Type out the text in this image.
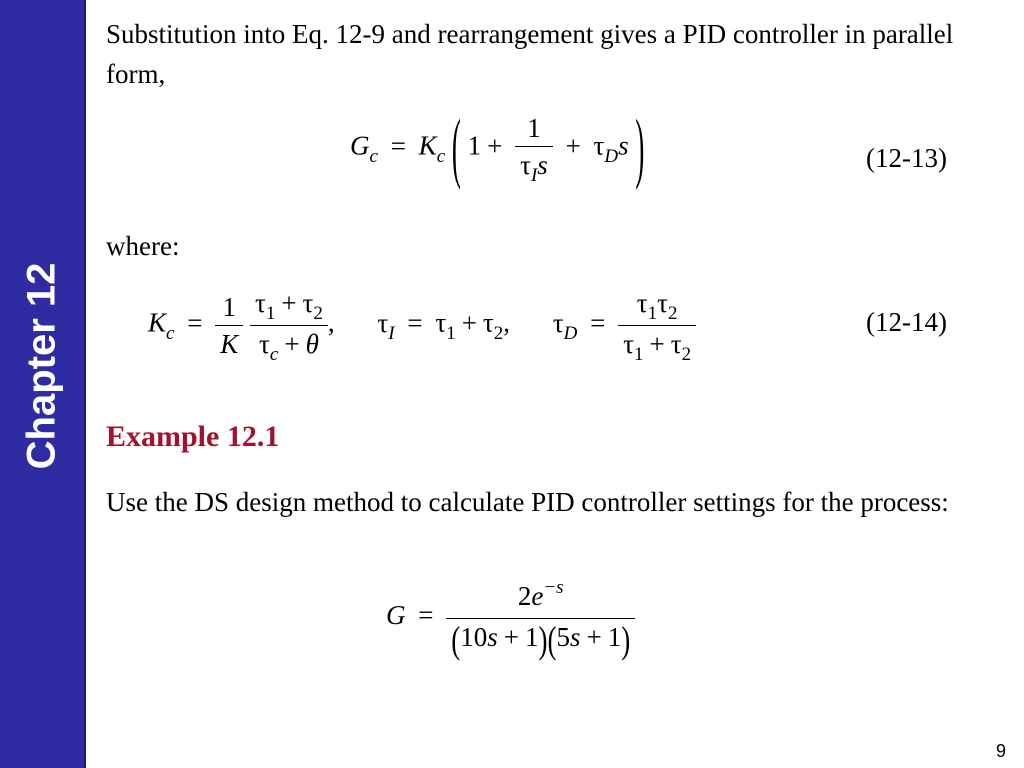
Chapter 12

Substitution into Eq. 12-9 and rearrangement gives a PID controller in parallel form,

$G_c = K_c$ ( $1 + \frac{1}{\tau_Is} + \tau_Ds$ )	(12-13)

where:

$K_c = \frac{1}{K}$
$\frac{\tau_1 + \tau_2}{\tau_c + \theta}$ , $\tau_I = \tau_1 + \tau_2$, $\tau_D = \frac{\tau_1\tau_2}{\tau_1 + \tau_2}$	(12-14)
Example 12.1

Use the DS design method to calculate PID controller settings for the process:

$G = \frac{2e^{-s}}{(10s + 1)(5s + 1)}$
9
